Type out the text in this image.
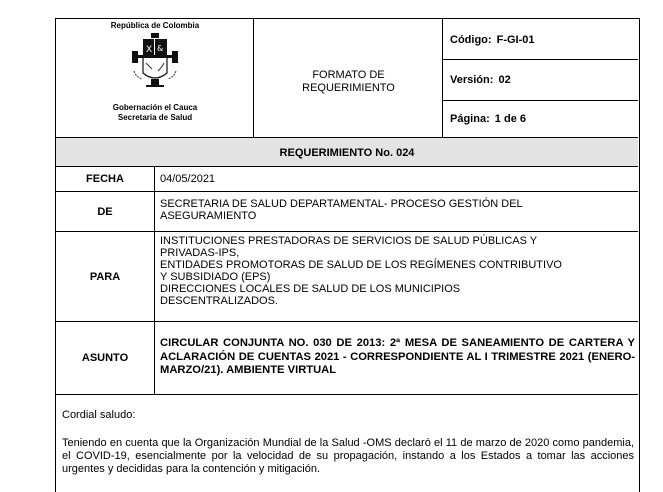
República de Colombia
X &
Gobernación el Cauca
Secretaria de Salud
FORMATO DE
REQUERIMIENTO
Código:
F-GI-01
Versión:
02
Página:
1 de 6
REQUERIMIENTO No. 024
FECHA	04/05/2021
DE
SECRETARIA DE SALUD DEPARTAMENTAL- PROCESO GESTIÓN DEL ASEGURAMIENTO
PARA
INSTITUCIONES PRESTADORAS DE SERVICIOS DE SALUD PÚBLICAS Y
PRIVADAS-IPS,
ENTIDADES PROMOTORAS DE SALUD DE LOS REGÍMENES CONTRIBUTIVO
Y SUBSIDIADO (EPS)
DIRECCIONES LOCALES DE SALUD DE LOS MUNICIPIOS
DESCENTRALIZADOS.
ASUNTO
CIRCULAR CONJUNTA NO. 030 DE 2013: 2ª MESA DE SANEAMIENTO DE CARTERA Y ACLARACIÓN DE CUENTAS 2021 - CORRESPONDIENTE AL I TRIMESTRE 2021 (ENERO-MARZO/21). AMBIENTE VIRTUAL
Cordial saludo:
Teniendo en cuenta que la Organización Mundial de la Salud -OMS declaró el 11 de marzo de 2020 como pandemia, el COVID-19, esencialmente por la velocidad de su propagación, instando a los Estados a tomar las acciones urgentes y decididas para la contención y mitigación.
